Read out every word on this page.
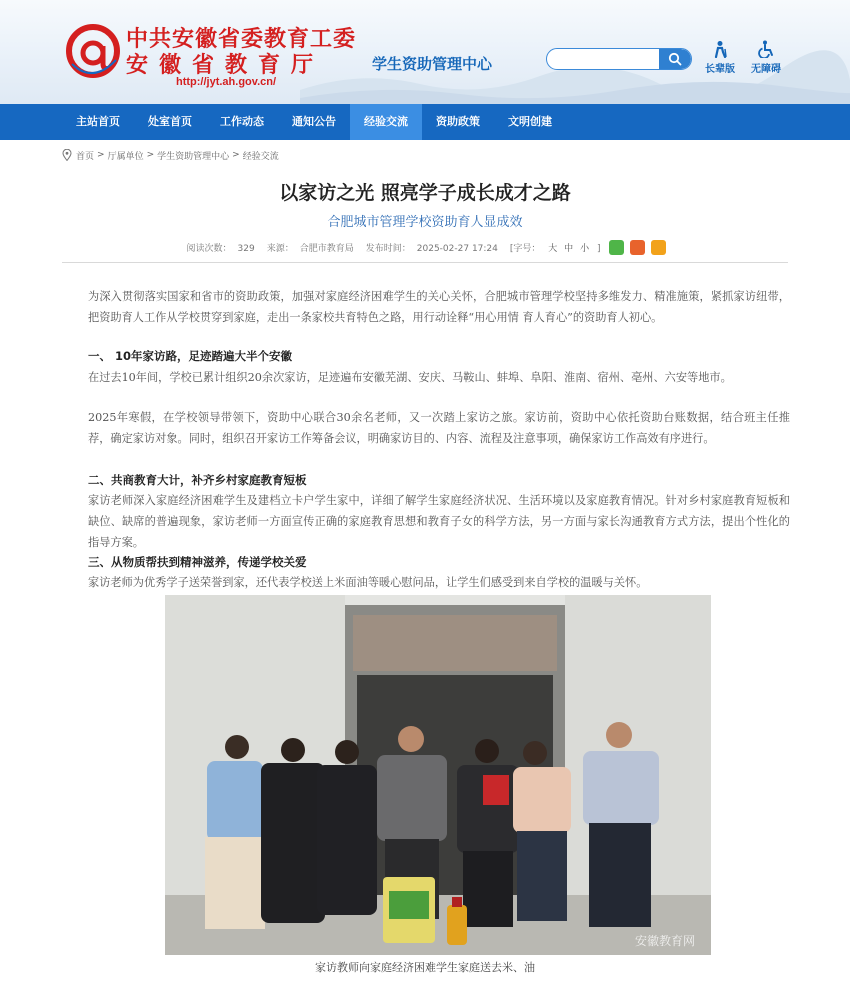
中共安徽省委教育工委
安徽省教育厅
http://jyt.ah.gov.cn/
学生资助管理中心	长辈版	无障碍
主站首页	处室首页	工作动态	通知公告	经验交流	资助政策	文明创建
首页 > 厅属单位 > 学生资助管理中心 > 经验交流
以家访之光 照亮学子成长成才之路
合肥城市管理学校资助育人显成效
阅读次数： 329	来源： 合肥市教育局	发布时间： 2025-02-27 17:24	[字号： 大 中 小 ]

为深入贯彻落实国家和省市的资助政策，加强对家庭经济困难学生的关心关怀，合肥城市管理学校坚持多维发力、精准施策，紧抓家访纽带，把资助育人工作从学校贯穿到家庭，走出一条家校共育特色之路，用行动诠释“用心用情 育人育心”的资助育人初心。

一、 10年家访路，足迹踏遍大半个安徽

在过去10年间，学校已累计组织20余次家访，足迹遍布安徽芜湖、安庆、马鞍山、蚌埠、阜阳、淮南、宿州、亳州、六安等地市。

2025年寒假，在学校领导带领下，资助中心联合30余名老师，又一次踏上家访之旅。家访前，资助中心依托资助台账数据，结合班主任推荐，确定家访对象。同时，组织召开家访工作筹备会议，明确家访目的、内容、流程及注意事项，确保家访工作高效有序进行。

二、共商教育大计，补齐乡村家庭教育短板

家访老师深入家庭经济困难学生及建档立卡户学生家中，详细了解学生家庭经济状况、生活环境以及家庭教育情况。针对乡村家庭教育短板和缺位、缺席的普遍现象，家访老师一方面宣传正确的家庭教育思想和教育子女的科学方法，另一方面与家长沟通教育方式方法，提出个性化的指导方案。

三、从物质帮扶到精神滋养，传递学校关爱

家访老师为优秀学子送荣誉到家，还代表学校送上米面油等暖心慰问品，让学生们感受到来自学校的温暖与关怀。

安徽教育网
家访教师向家庭经济困难学生家庭送去米、油
